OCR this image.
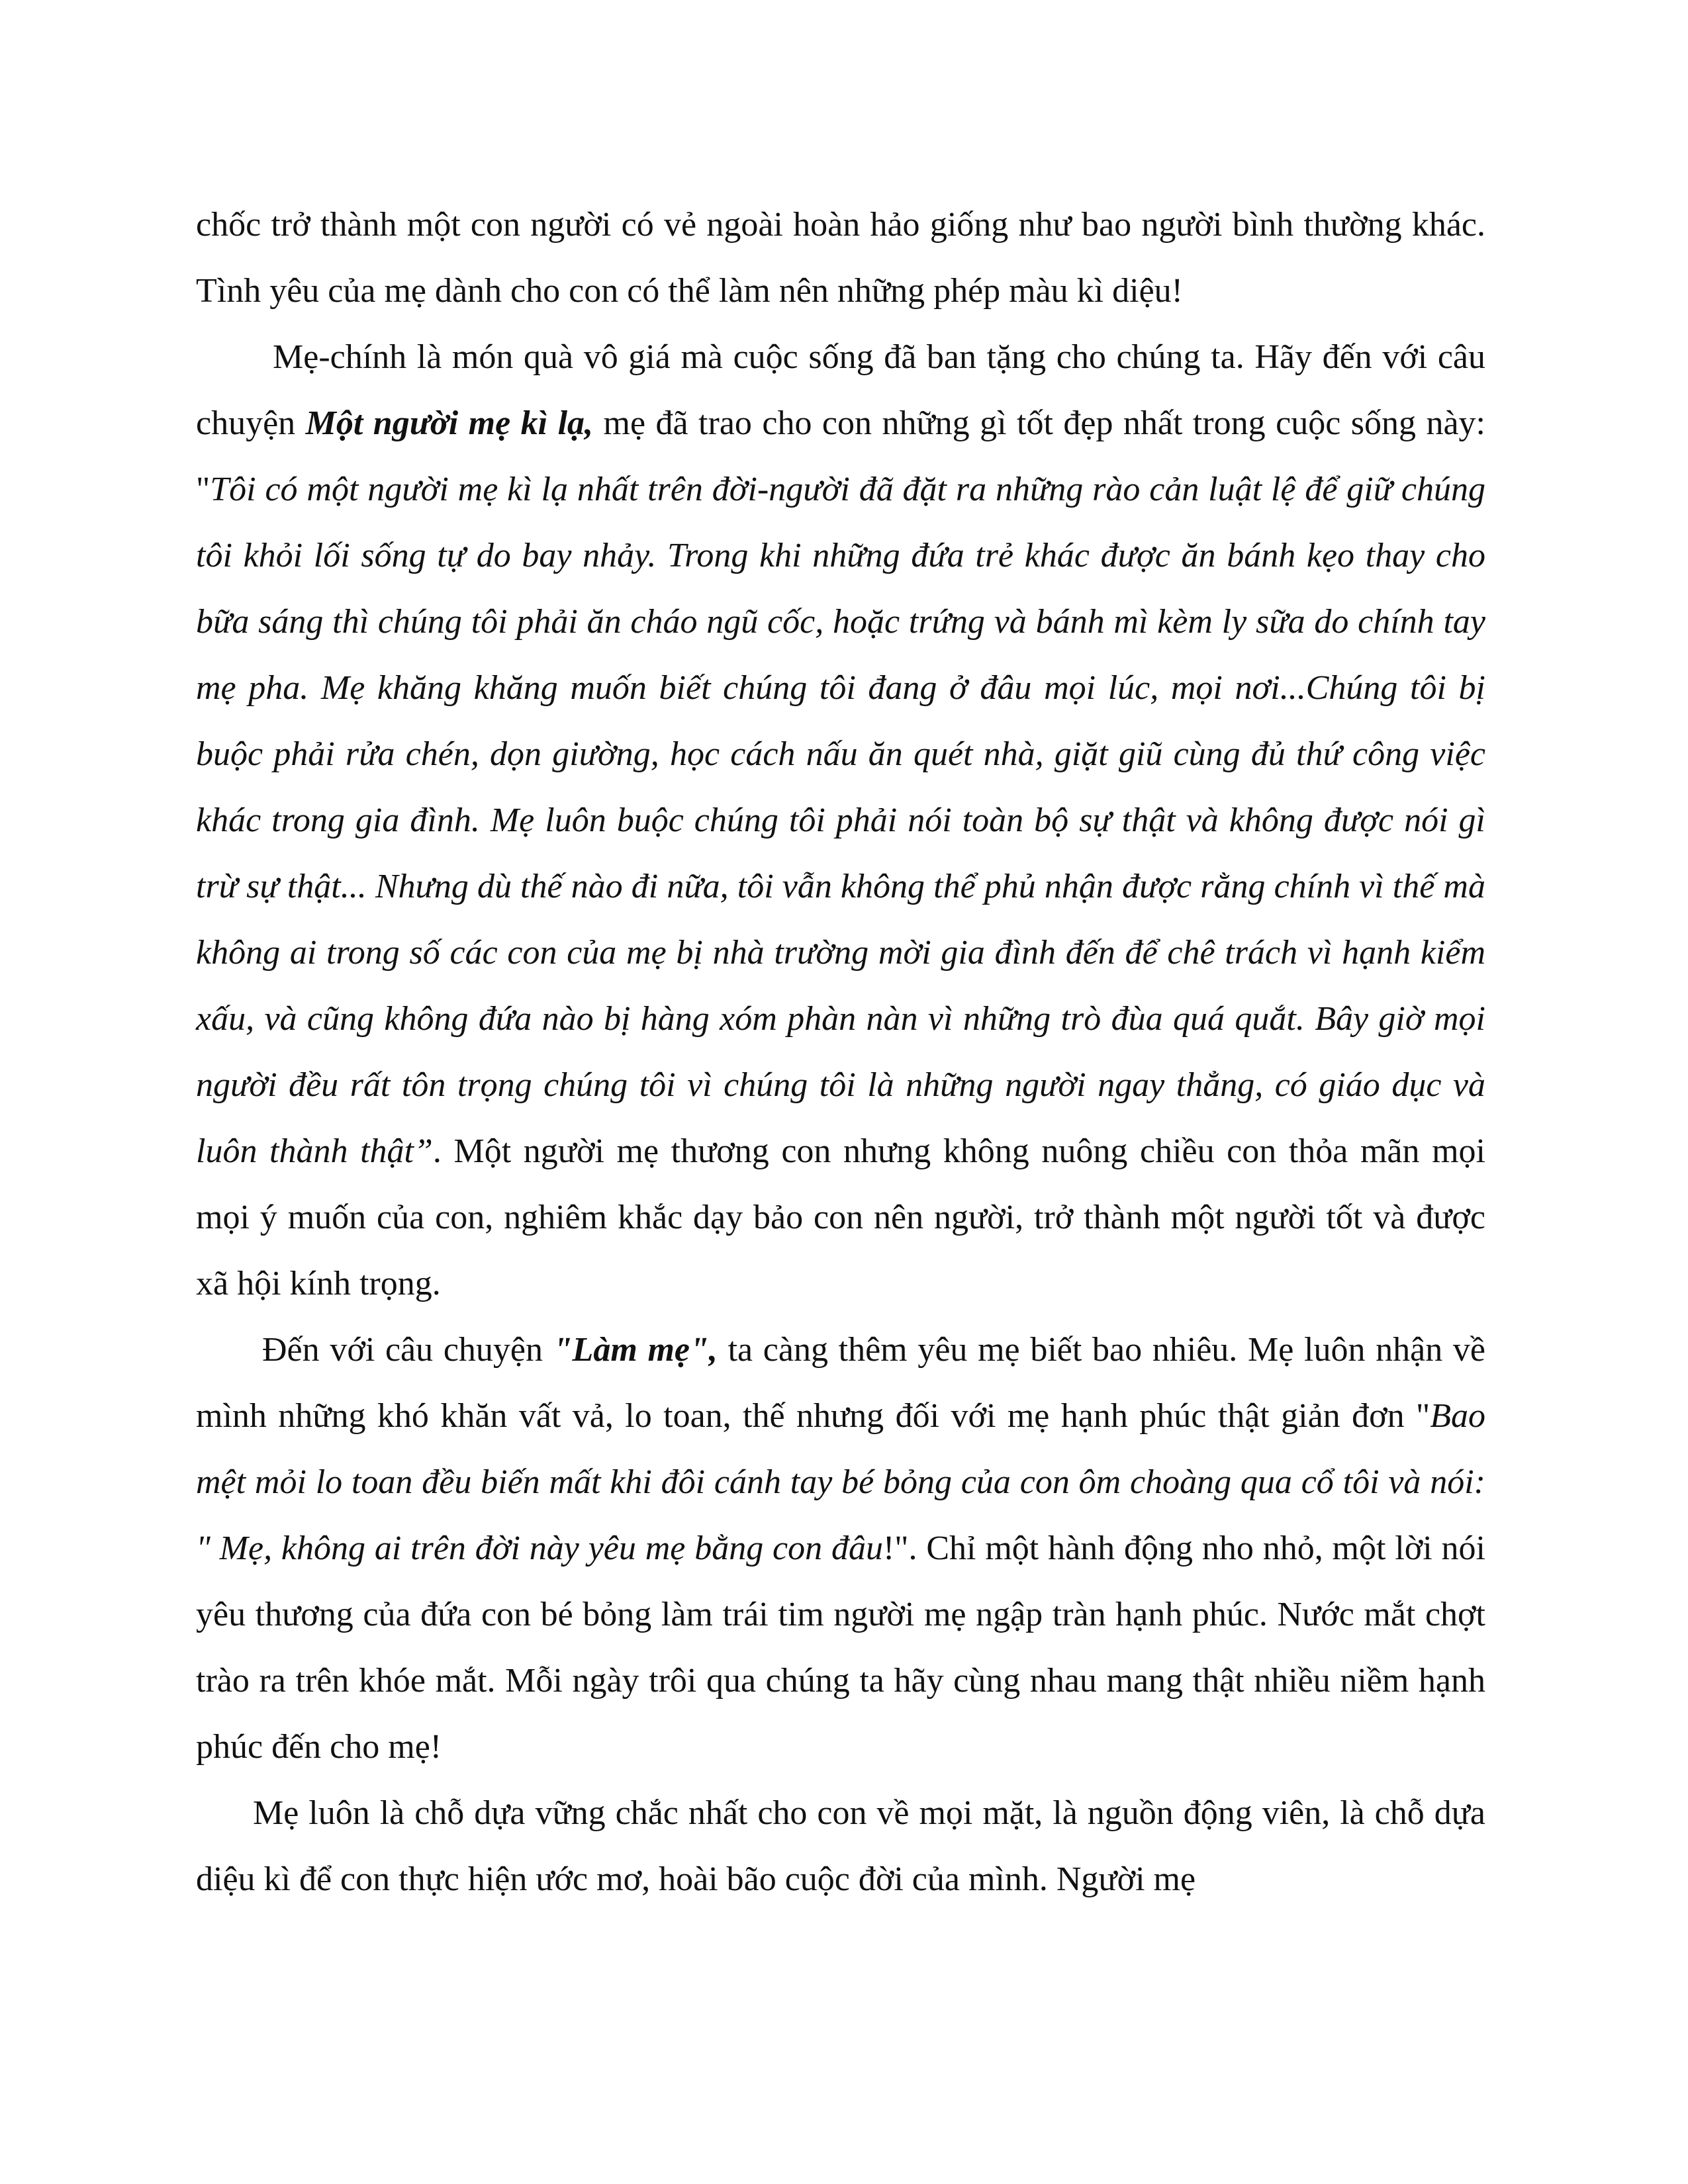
chốc trở thành một con người có vẻ ngoài hoàn hảo giống như bao người bình thường khác. Tình yêu của mẹ dành cho con có thể làm nên những phép màu kì diệu!

Mẹ-chính là món quà vô giá mà cuộc sống đã ban tặng cho chúng ta. Hãy đến với câu chuyện Một người mẹ kì lạ, mẹ đã trao cho con những gì tốt đẹp nhất trong cuộc sống này: "Tôi có một người mẹ kì lạ nhất trên đời-người đã đặt ra những rào cản luật lệ để giữ chúng tôi khỏi lối sống tự do bay nhảy. Trong khi những đứa trẻ khác được ăn bánh kẹo thay cho bữa sáng thì chúng tôi phải ăn cháo ngũ cốc, hoặc trứng và bánh mì kèm ly sữa do chính tay mẹ pha. Mẹ khăng khăng muốn biết chúng tôi đang ở đâu mọi lúc, mọi nơi...Chúng tôi bị buộc phải rửa chén, dọn giường, học cách nấu ăn quét nhà, giặt giũ cùng đủ thứ công việc khác trong gia đình. Mẹ luôn buộc chúng tôi phải nói toàn bộ sự thật và không được nói gì trừ sự thật... Nhưng dù thế nào đi nữa, tôi vẫn không thể phủ nhận được rằng chính vì thế mà không ai trong số các con của mẹ bị nhà trường mời gia đình đến để chê trách vì hạnh kiểm xấu, và cũng không đứa nào bị hàng xóm phàn nàn vì những trò đùa quá quắt. Bây giờ mọi người đều rất tôn trọng chúng tôi vì chúng tôi là những người ngay thẳng, có giáo dục và luôn thành thật”. Một người mẹ thương con nhưng không nuông chiều con thỏa mãn mọi mọi ý muốn của con, nghiêm khắc dạy bảo con nên người, trở thành một người tốt và được xã hội kính trọng.

Đến với câu chuyện "Làm mẹ", ta càng thêm yêu mẹ biết bao nhiêu. Mẹ luôn nhận về mình những khó khăn vất vả, lo toan, thế nhưng đối với mẹ hạnh phúc thật giản đơn "Bao mệt mỏi lo toan đều biến mất khi đôi cánh tay bé bỏng của con ôm choàng qua cổ tôi và nói: " Mẹ, không ai trên đời này yêu mẹ bằng con đâu!". Chỉ một hành động nho nhỏ, một lời nói yêu thương của đứa con bé bỏng làm trái tim người mẹ ngập tràn hạnh phúc. Nước mắt chợt trào ra trên khóe mắt. Mỗi ngày trôi qua chúng ta hãy cùng nhau mang thật nhiều niềm hạnh phúc đến cho mẹ!

Mẹ luôn là chỗ dựa vững chắc nhất cho con về mọi mặt, là nguồn động viên, là chỗ dựa diệu kì để con thực hiện ước mơ, hoài bão cuộc đời của mình. Người mẹ
